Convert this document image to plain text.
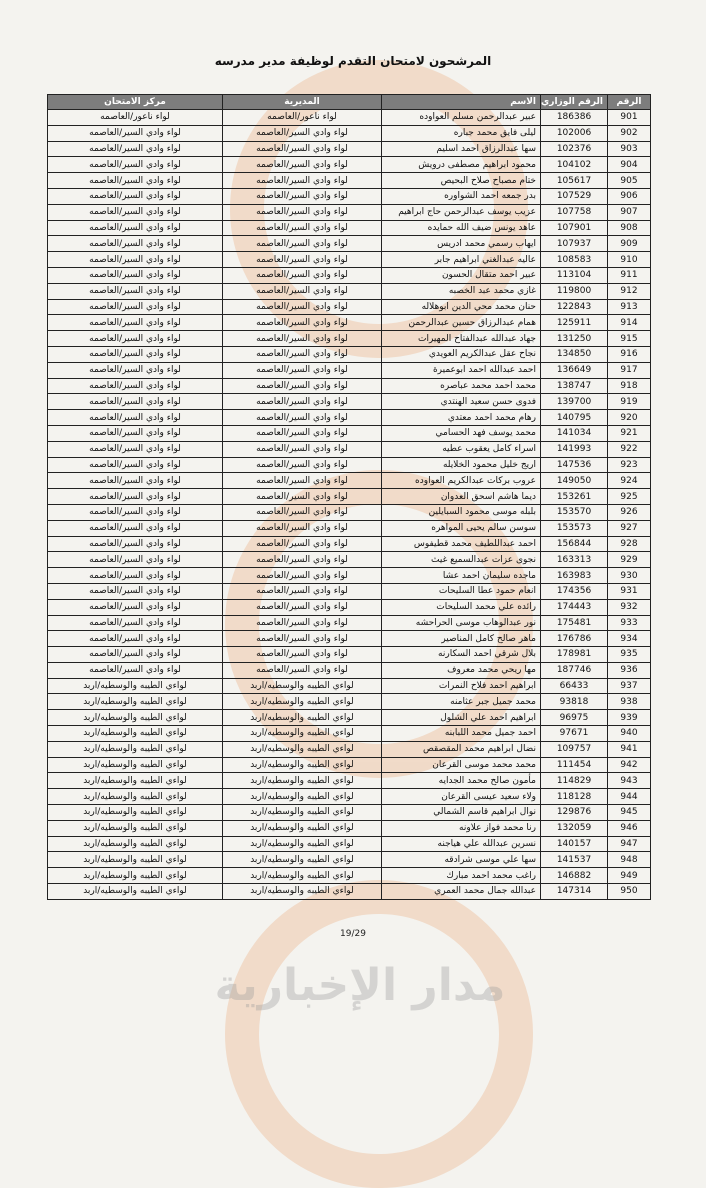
مدار الإخبارية
المرشحون لامتحان التقدم لوظيفة مدير مدرسه
الرقم	الرقم الوزاري	الاسم	المديرية	مركز الامتحان
901	186386	عبير عبدالرحمن مسلم العواوده	لواء ناعور/العاصمه	لواء ناعور/العاصمه
902	102006	ليلى فايق محمد جباره	لواء وادي السير/العاصمه	لواء وادي السير/العاصمه
903	102376	سها عبدالرزاق احمد اسليم	لواء وادي السير/العاصمه	لواء وادي السير/العاصمه
904	104102	محمود ابراهيم مصطفى درويش	لواء وادي السير/العاصمه	لواء وادي السير/العاصمه
905	105617	ختام مصباح صلاح البحيص	لواء وادي السير/العاصمه	لواء وادي السير/العاصمه
906	107529	بدر جمعه احمد الشواوره	لواء وادي السير/العاصمه	لواء وادي السير/العاصمه
907	107758	عزيب يوسف عبدالرحمن حاج ابراهيم	لواء وادي السير/العاصمه	لواء وادي السير/العاصمه
908	107901	عاهد يونس ضيف الله حمايده	لواء وادي السير/العاصمه	لواء وادي السير/العاصمه
909	107937	ايهاب رسمي محمد ادريس	لواء وادي السير/العاصمه	لواء وادي السير/العاصمه
910	108583	عاليه عبدالغني ابراهيم جابر	لواء وادي السير/العاصمه	لواء وادي السير/العاصمه
911	113104	عبير احمد متقال الحسون	لواء وادي السير/العاصمه	لواء وادي السير/العاصمه
912	119800	غازي محمد عبد الخصبه	لواء وادي السير/العاصمه	لواء وادي السير/العاصمه
913	122843	حنان محمد محي الدين ابوهلاله	لواء وادي السير/العاصمه	لواء وادي السير/العاصمه
914	125911	همام عبدالرزاق حسين عبدالرحمن	لواء وادي السير/العاصمه	لواء وادي السير/العاصمه
915	131250	جهاد عبدالله عبدالفتاح المهيرات	لواء وادي السير/العاصمه	لواء وادي السير/العاصمه
916	134850	نجاح عقل عبدالكريم العويدي	لواء وادي السير/العاصمه	لواء وادي السير/العاصمه
917	136649	احمد عبدالله احمد ابوعميرة	لواء وادي السير/العاصمه	لواء وادي السير/العاصمه
918	138747	محمد احمد محمد عباصره	لواء وادي السير/العاصمه	لواء وادي السير/العاصمه
919	139700	فدوى حسن سعيد الهنتدي	لواء وادي السير/العاصمه	لواء وادي السير/العاصمه
920	140795	رهام محمد احمد معتدي	لواء وادي السير/العاصمه	لواء وادي السير/العاصمه
921	141034	محمد يوسف فهد الحسامي	لواء وادي السير/العاصمه	لواء وادي السير/العاصمه
922	141993	اسراء كامل يعقوب عطيه	لواء وادي السير/العاصمه	لواء وادي السير/العاصمه
923	147536	اريج خليل محمود الخلايله	لواء وادي السير/العاصمه	لواء وادي السير/العاصمه
924	149050	عروب بركات عبدالكريم العواوده	لواء وادي السير/العاصمه	لواء وادي السير/العاصمه
925	153261	ديما هاشم اسحق العدوان	لواء وادي السير/العاصمه	لواء وادي السير/العاصمه
926	153570	بلبله موسى محمود السبايلين	لواء وادي السير/العاصمه	لواء وادي السير/العاصمه
927	153573	سوسن سالم يحيى المواهره	لواء وادي السير/العاصمه	لواء وادي السير/العاصمه
928	156844	احمد عبداللطيف محمد قطيفوس	لواء وادي السير/العاصمه	لواء وادي السير/العاصمه
929	163313	نجوى عزات عبدالسميع غيث	لواء وادي السير/العاصمه	لواء وادي السير/العاصمه
930	163983	ماجده سليمان احمد عشا	لواء وادي السير/العاصمه	لواء وادي السير/العاصمه
931	174356	انعام حمود عطا السليحات	لواء وادي السير/العاصمه	لواء وادي السير/العاصمه
932	174443	رائده علي محمد السليحات	لواء وادي السير/العاصمه	لواء وادي السير/العاصمه
933	175481	نور عبدالوهاب موسى الحراحشه	لواء وادي السير/العاصمه	لواء وادي السير/العاصمه
934	176786	ماهر صالح كامل المناصير	لواء وادي السير/العاصمه	لواء وادي السير/العاصمه
935	178981	بلال شرقي احمد السكارنه	لواء وادي السير/العاصمه	لواء وادي السير/العاصمه
936	187746	مها ريحي محمد معروف	لواء وادي السير/العاصمه	لواء وادي السير/العاصمه
937	66433	ابراهيم احمد فلاح النمرات	لواءي الطيبه والوسطيه/اربد	لواءي الطيبه والوسطيه/اربد
938	93818	محمد جميل جبر عثامنه	لواءي الطيبه والوسطيه/اربد	لواءي الطيبه والوسطيه/اربد
939	96975	ابراهيم احمد علي الشلول	لواءي الطيبه والوسطيه/اربد	لواءي الطيبه والوسطيه/اربد
940	97671	احمد جميل محمد اللبابنه	لواءي الطيبه والوسطيه/اربد	لواءي الطيبه والوسطيه/اربد
941	109757	نضال ابراهيم محمد المقصقص	لواءي الطيبه والوسطيه/اربد	لواءي الطيبه والوسطيه/اربد
942	111454	محمد محمد موسى القرعان	لواءي الطيبه والوسطيه/اربد	لواءي الطيبه والوسطيه/اربد
943	114829	مأمون صالح محمد الجدايه	لواءي الطيبه والوسطيه/اربد	لواءي الطيبه والوسطيه/اربد
944	118128	ولاء سعيد عيسى القرعان	لواءي الطيبه والوسطيه/اربد	لواءي الطيبه والوسطيه/اربد
945	129876	نوال ابراهيم قاسم الشمالي	لواءي الطيبه والوسطيه/اربد	لواءي الطيبه والوسطيه/اربد
946	132059	رنا محمد فواز علاونه	لواءي الطيبه والوسطيه/اربد	لواءي الطيبه والوسطيه/اربد
947	140157	نسرين عبدالله علي هياجنه	لواءي الطيبه والوسطيه/اربد	لواءي الطيبه والوسطيه/اربد
948	141537	سها علي موسى شرادقه	لواءي الطيبه والوسطيه/اربد	لواءي الطيبه والوسطيه/اربد
949	146882	راغب محمد احمد مبارك	لواءي الطيبه والوسطيه/اربد	لواءي الطيبه والوسطيه/اربد
950	147314	عبدالله جمال محمد العمري	لواءي الطيبه والوسطيه/اربد	لواءي الطيبه والوسطيه/اربد
19/29
